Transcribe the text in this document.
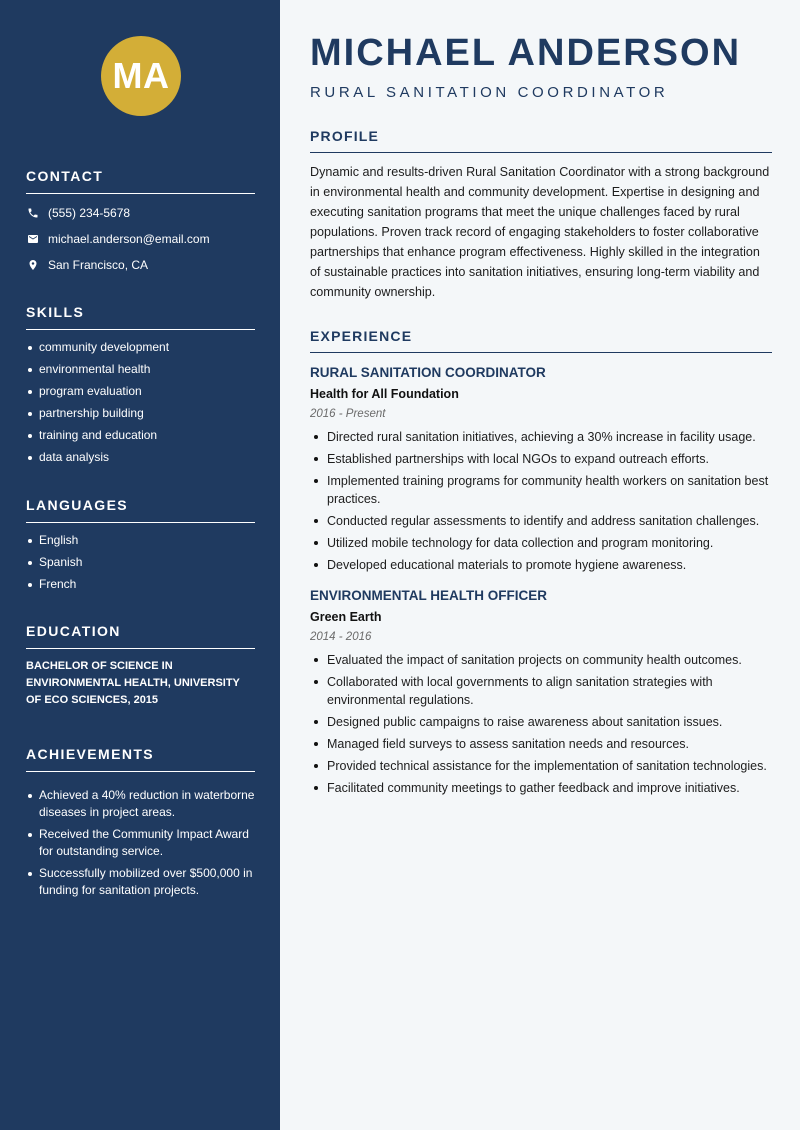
MA
CONTACT
(555) 234-5678
michael.anderson@email.com
San Francisco, CA
SKILLS
community development
environmental health
program evaluation
partnership building
training and education
data analysis
LANGUAGES
English
Spanish
French
EDUCATION

BACHELOR OF SCIENCE IN ENVIRONMENTAL HEALTH, UNIVERSITY OF ECO SCIENCES, 2015

ACHIEVEMENTS
Achieved a 40% reduction in waterborne diseases in project areas.
Received the Community Impact Award for outstanding service.
Successfully mobilized over $500,000 in funding for sanitation projects.
MICHAEL ANDERSON
RURAL SANITATION COORDINATOR
PROFILE

Dynamic and results-driven Rural Sanitation Coordinator with a strong background in environmental health and community development. Expertise in designing and executing sanitation programs that meet the unique challenges faced by rural populations. Proven track record of engaging stakeholders to foster collaborative partnerships that enhance program effectiveness. Highly skilled in the integration of sustainable practices into sanitation initiatives, ensuring long-term viability and community ownership.

EXPERIENCE
RURAL SANITATION COORDINATOR
Health for All Foundation
2016 - Present
Directed rural sanitation initiatives, achieving a 30% increase in facility usage.
Established partnerships with local NGOs to expand outreach efforts.
Implemented training programs for community health workers on sanitation best practices.
Conducted regular assessments to identify and address sanitation challenges.
Utilized mobile technology for data collection and program monitoring.
Developed educational materials to promote hygiene awareness.
ENVIRONMENTAL HEALTH OFFICER
Green Earth
2014 - 2016
Evaluated the impact of sanitation projects on community health outcomes.
Collaborated with local governments to align sanitation strategies with environmental regulations.
Designed public campaigns to raise awareness about sanitation issues.
Managed field surveys to assess sanitation needs and resources.
Provided technical assistance for the implementation of sanitation technologies.
Facilitated community meetings to gather feedback and improve initiatives.
